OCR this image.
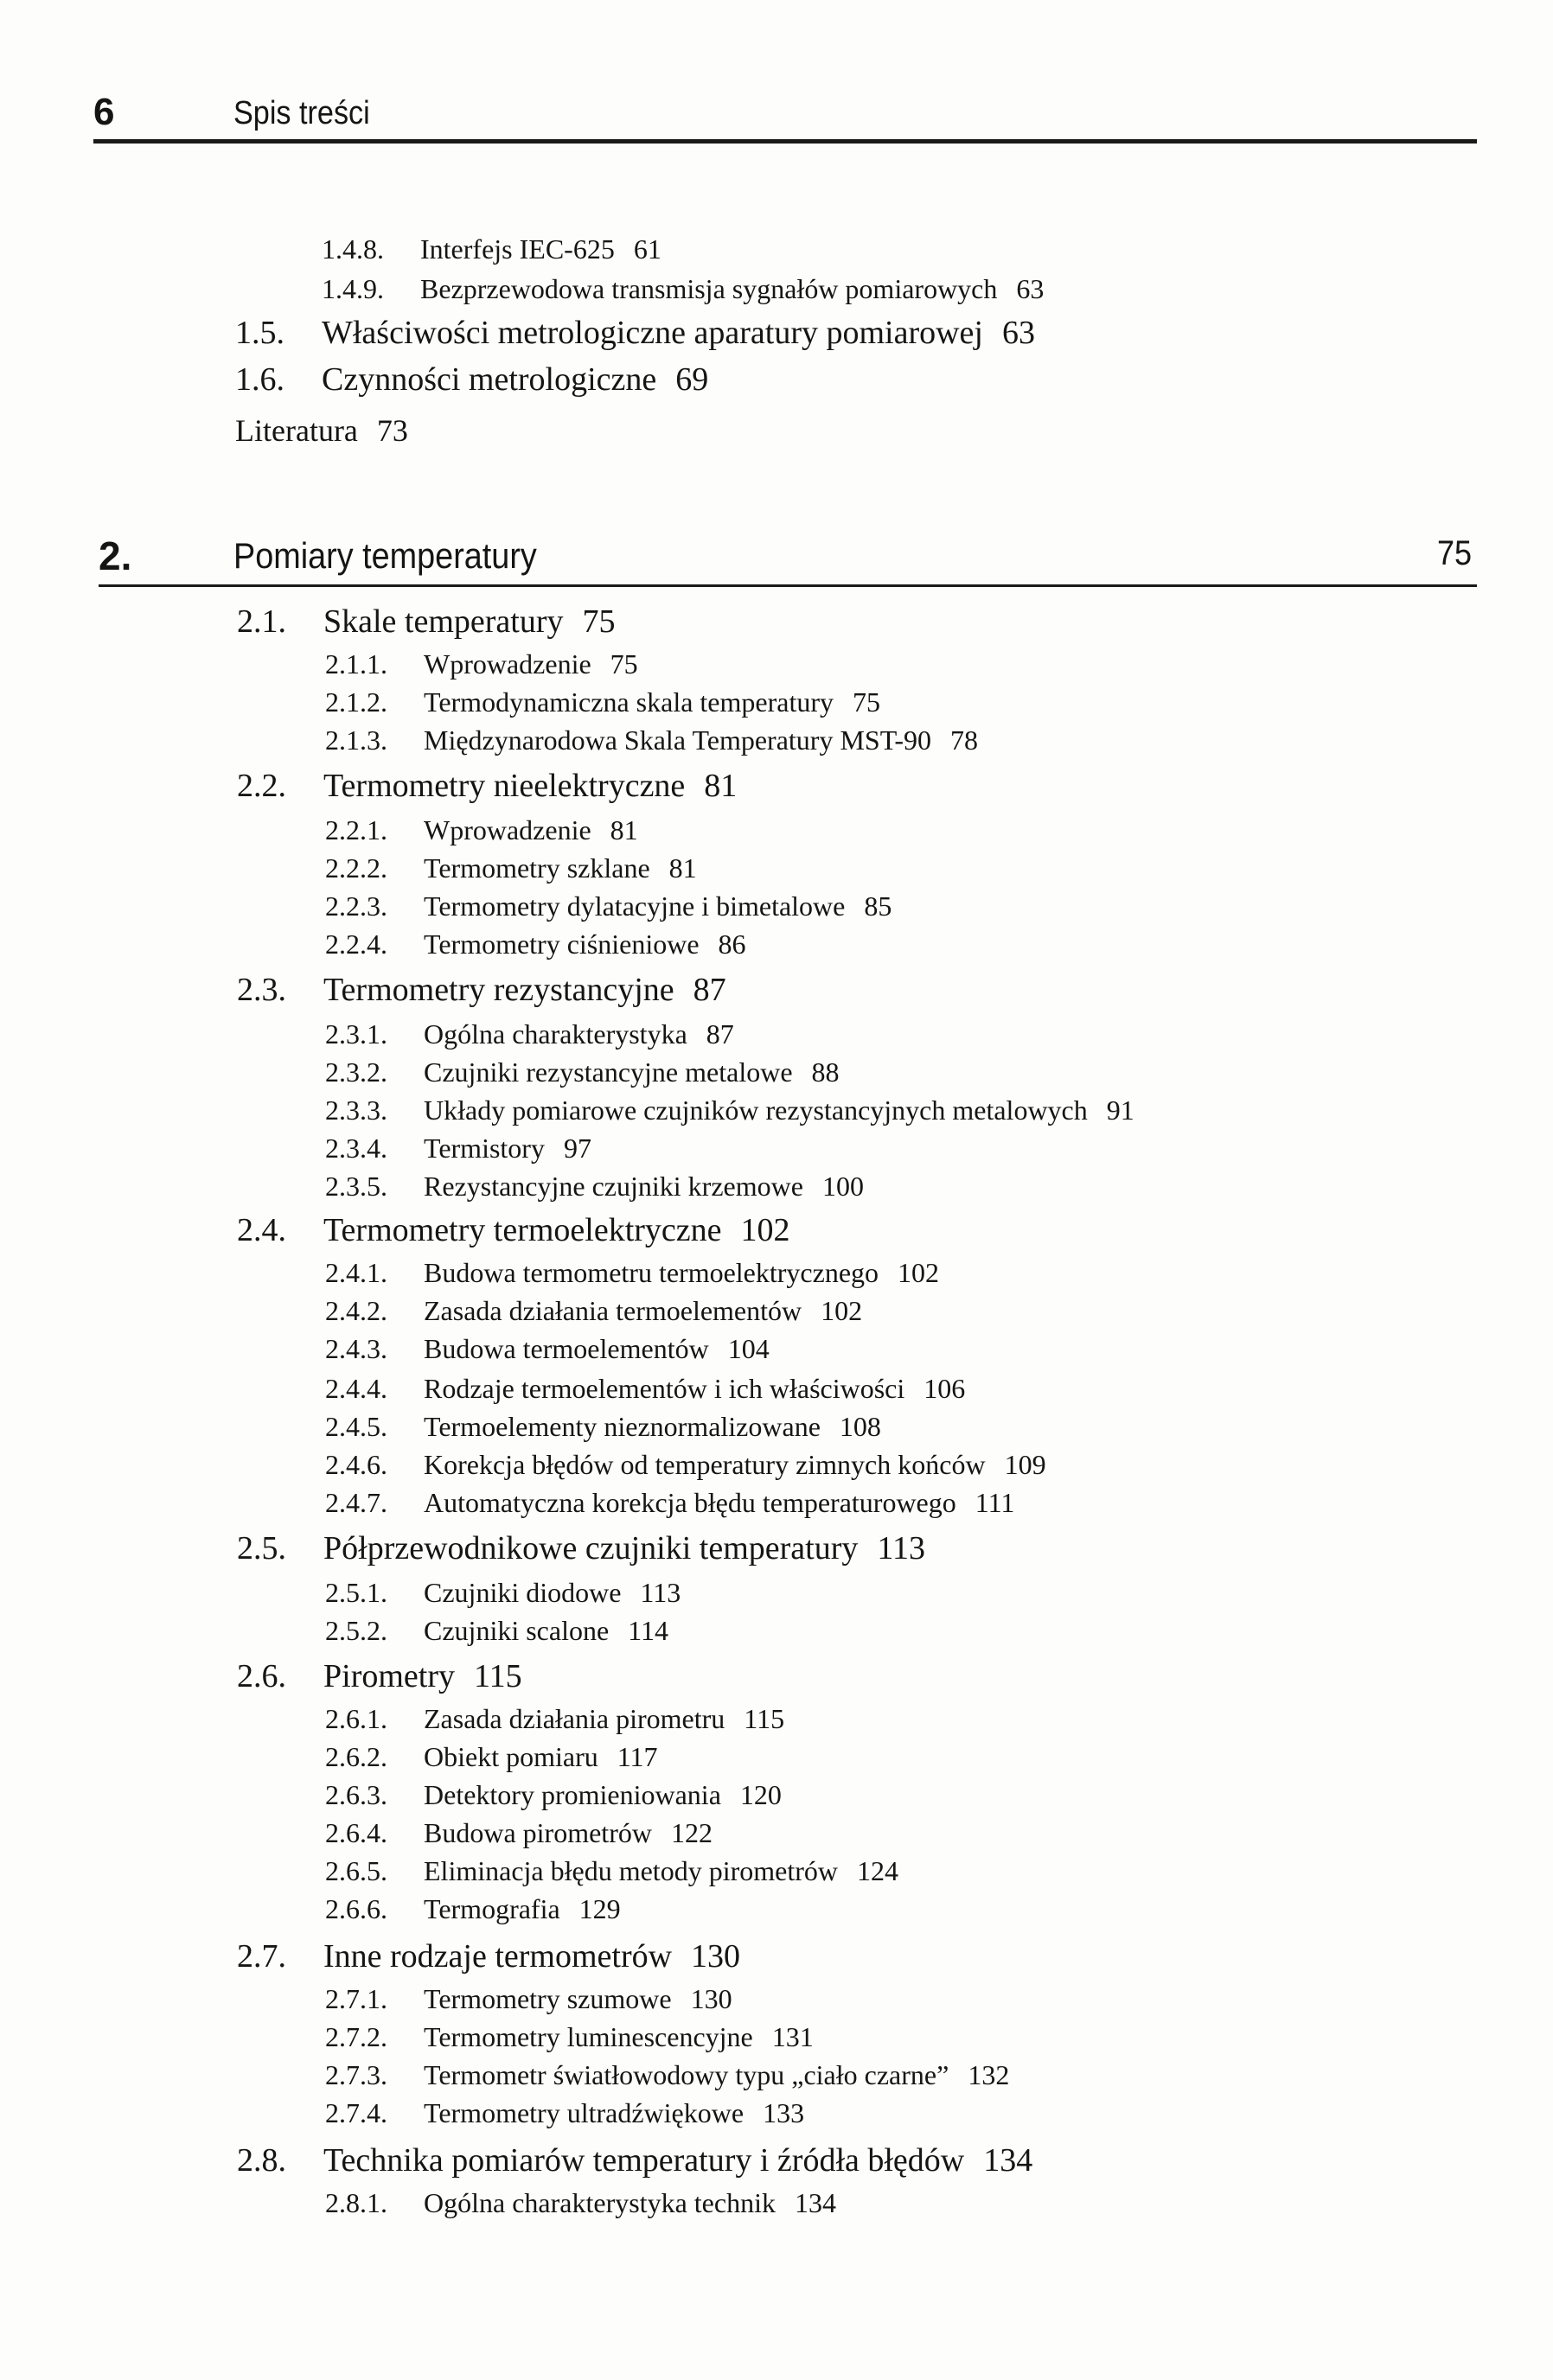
6	Spis treści
1.4.8. Interfejs IEC-625 61
1.4.9. Bezprzewodowa transmisja sygnałów pomiarowych 63
1.5. Właściwości metrologiczne aparatury pomiarowej 63
1.6. Czynności metrologiczne 69
Literatura 73
2.	Pomiary temperatury	75
2.1. Skale temperatury 75
2.1.1. Wprowadzenie 75
2.1.2. Termodynamiczna skala temperatury 75
2.1.3. Międzynarodowa Skala Temperatury MST-90 78
2.2. Termometry nieelektryczne 81
2.2.1. Wprowadzenie 81
2.2.2. Termometry szklane 81
2.2.3. Termometry dylatacyjne i bimetalowe 85
2.2.4. Termometry ciśnieniowe 86
2.3. Termometry rezystancyjne 87
2.3.1. Ogólna charakterystyka 87
2.3.2. Czujniki rezystancyjne metalowe 88
2.3.3. Układy pomiarowe czujników rezystancyjnych metalowych 91
2.3.4. Termistory 97
2.3.5. Rezystancyjne czujniki krzemowe 100
2.4. Termometry termoelektryczne 102
2.4.1. Budowa termometru termoelektrycznego 102
2.4.2. Zasada działania termoelementów 102
2.4.3. Budowa termoelementów 104
2.4.4. Rodzaje termoelementów i ich właściwości 106
2.4.5. Termoelementy nieznormalizowane 108
2.4.6. Korekcja błędów od temperatury zimnych końców 109
2.4.7. Automatyczna korekcja błędu temperaturowego 111
2.5. Półprzewodnikowe czujniki temperatury 113
2.5.1. Czujniki diodowe 113
2.5.2. Czujniki scalone 114
2.6. Pirometry 115
2.6.1. Zasada działania pirometru 115
2.6.2. Obiekt pomiaru 117
2.6.3. Detektory promieniowania 120
2.6.4. Budowa pirometrów 122
2.6.5. Eliminacja błędu metody pirometrów 124
2.6.6. Termografia 129
2.7. Inne rodzaje termometrów 130
2.7.1. Termometry szumowe 130
2.7.2. Termometry luminescencyjne 131
2.7.3. Termometr światłowodowy typu „ciało czarne” 132
2.7.4. Termometry ultradźwiękowe 133
2.8. Technika pomiarów temperatury i źródła błędów 134
2.8.1. Ogólna charakterystyka technik 134
